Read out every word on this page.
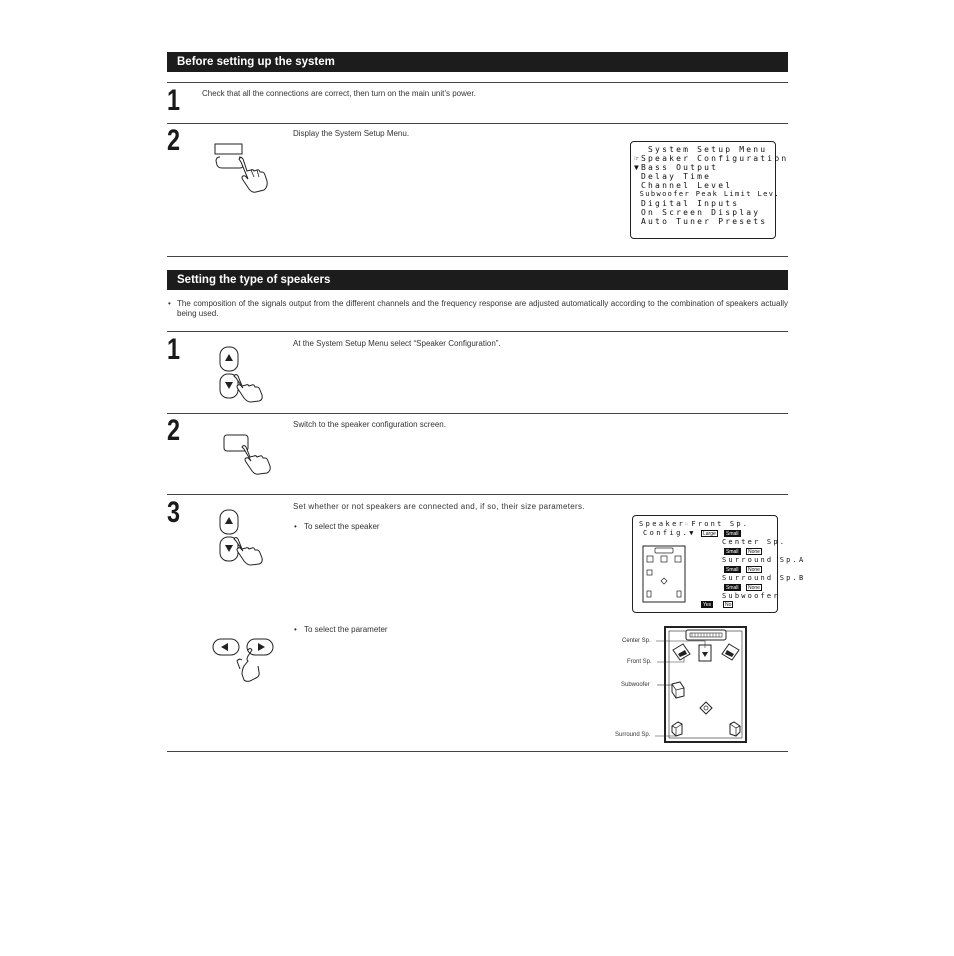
Before setting up the system
1	Check that all the connections are correct, then turn on the main unit’s power.
2	Display the System Setup Menu.
System Setup Menu
☞Speaker Configuration
▼Bass Output
Delay Time
Channel Level
Subwoofer Peak Limit Lev.
Digital Inputs
On Screen Display
Auto Tuner Presets
Setting the type of speakers
• The composition of the signals output from the different channels and the frequency response are adjusted automatically according to the combination of speakers actually being used.
1	At the System Setup Menu select “Speaker Configuration”.
2	Switch to the speaker configuration screen.
3	Set whether or not speakers are connected and, if so, their size parameters.
• To select the speaker	Speaker
Config.▼
☞Front Sp.
Large	Small
Center Sp.
Small	None
Surround Sp.A
Small	None
Surround Sp.B
Small	None
Subwoofer
Yes	No
• To select the parameter
Center Sp.
Front Sp.
Subwoofer
Surround Sp.
